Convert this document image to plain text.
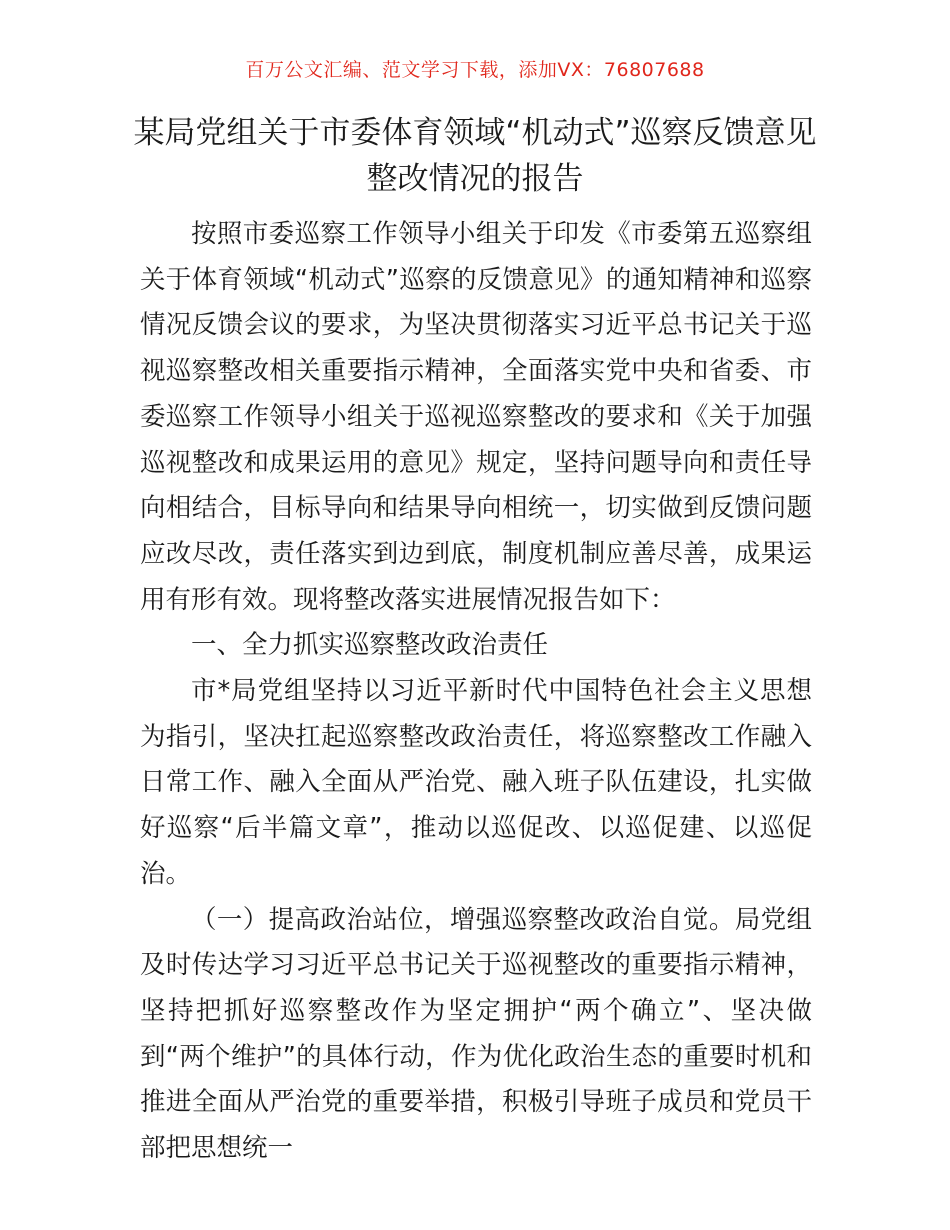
百万公文汇编、范文学习下载，添加VX：76807688
某局党组关于市委体育领域“机动式”巡察反馈意见整改情况的报告

按照市委巡察工作领导小组关于印发《市委第五巡察组关于体育领域“机动式”巡察的反馈意见》的通知精神和巡察情况反馈会议的要求，为坚决贯彻落实习近平总书记关于巡视巡察整改相关重要指示精神，全面落实党中央和省委、市委巡察工作领导小组关于巡视巡察整改的要求和《关于加强巡视整改和成果运用的意见》规定，坚持问题导向和责任导向相结合，目标导向和结果导向相统一，切实做到反馈问题应改尽改，责任落实到边到底，制度机制应善尽善，成果运用有形有效。现将整改落实进展情况报告如下：

一、全力抓实巡察整改政治责任

市*局党组坚持以习近平新时代中国特色社会主义思想为指引，坚决扛起巡察整改政治责任，将巡察整改工作融入日常工作、融入全面从严治党、融入班子队伍建设，扎实做好巡察“后半篇文章”，推动以巡促改、以巡促建、以巡促治。

（一）提高政治站位，增强巡察整改政治自觉。局党组及时传达学习习近平总书记关于巡视整改的重要指示精神，坚持把抓好巡察整改作为坚定拥护“两个确立”、坚决做到“两个维护”的具体行动，作为优化政治生态的重要时机和推进全面从严治党的重要举措，积极引导班子成员和党员干部把思想统一
